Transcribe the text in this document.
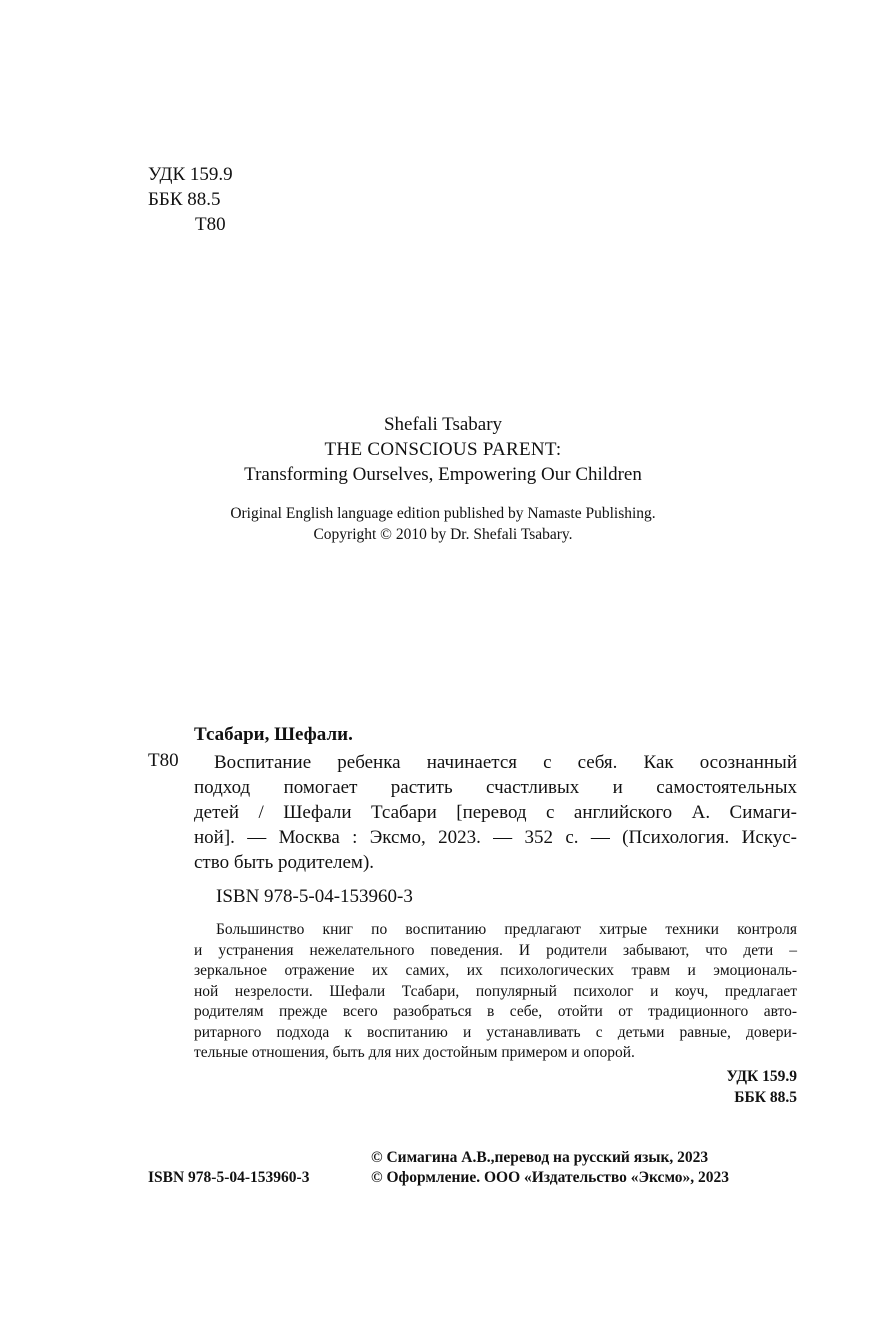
УДК 159.9
ББК 88.5
Т80
Shefali Tsabary
THE CONSCIOUS PARENT:
Transforming Ourselves, Empowering Our Children
Original English language edition published by Namaste Publishing.
Copyright © 2010 by Dr. Shefali Tsabary.
Тсабари, Шефали.
Т80	Воспитание ребенка начинается с себя. Как осознанный
подход помогает растить счастливых и самостоятельных
детей / Шефали Тсабари [перевод с английского А. Симаги-
ной]. — Москва : Эксмо, 2023. — 352 с. — (Психология. Искус-
ство быть родителем).
ISBN 978-5-04-153960-3
Большинство книг по воспитанию предлагают хитрые техники контроля
и устранения нежелательного поведения. И родители забывают, что дети –
зеркальное отражение их самих, их психологических травм и эмоциональ-
ной незрелости. Шефали Тсабари, популярный психолог и коуч, предлагает
родителям прежде всего разобраться в себе, отойти от традиционного авто-
ритарного подхода к воспитанию и устанавливать с детьми равные, довери-
тельные отношения, быть для них достойным примером и опорой.
УДК 159.9
ББК 88.5
© Симагина А.В.,перевод на русский язык, 2023
ISBN 978-5-04-153960-3	© Оформление. ООО «Издательство «Эксмо», 2023
